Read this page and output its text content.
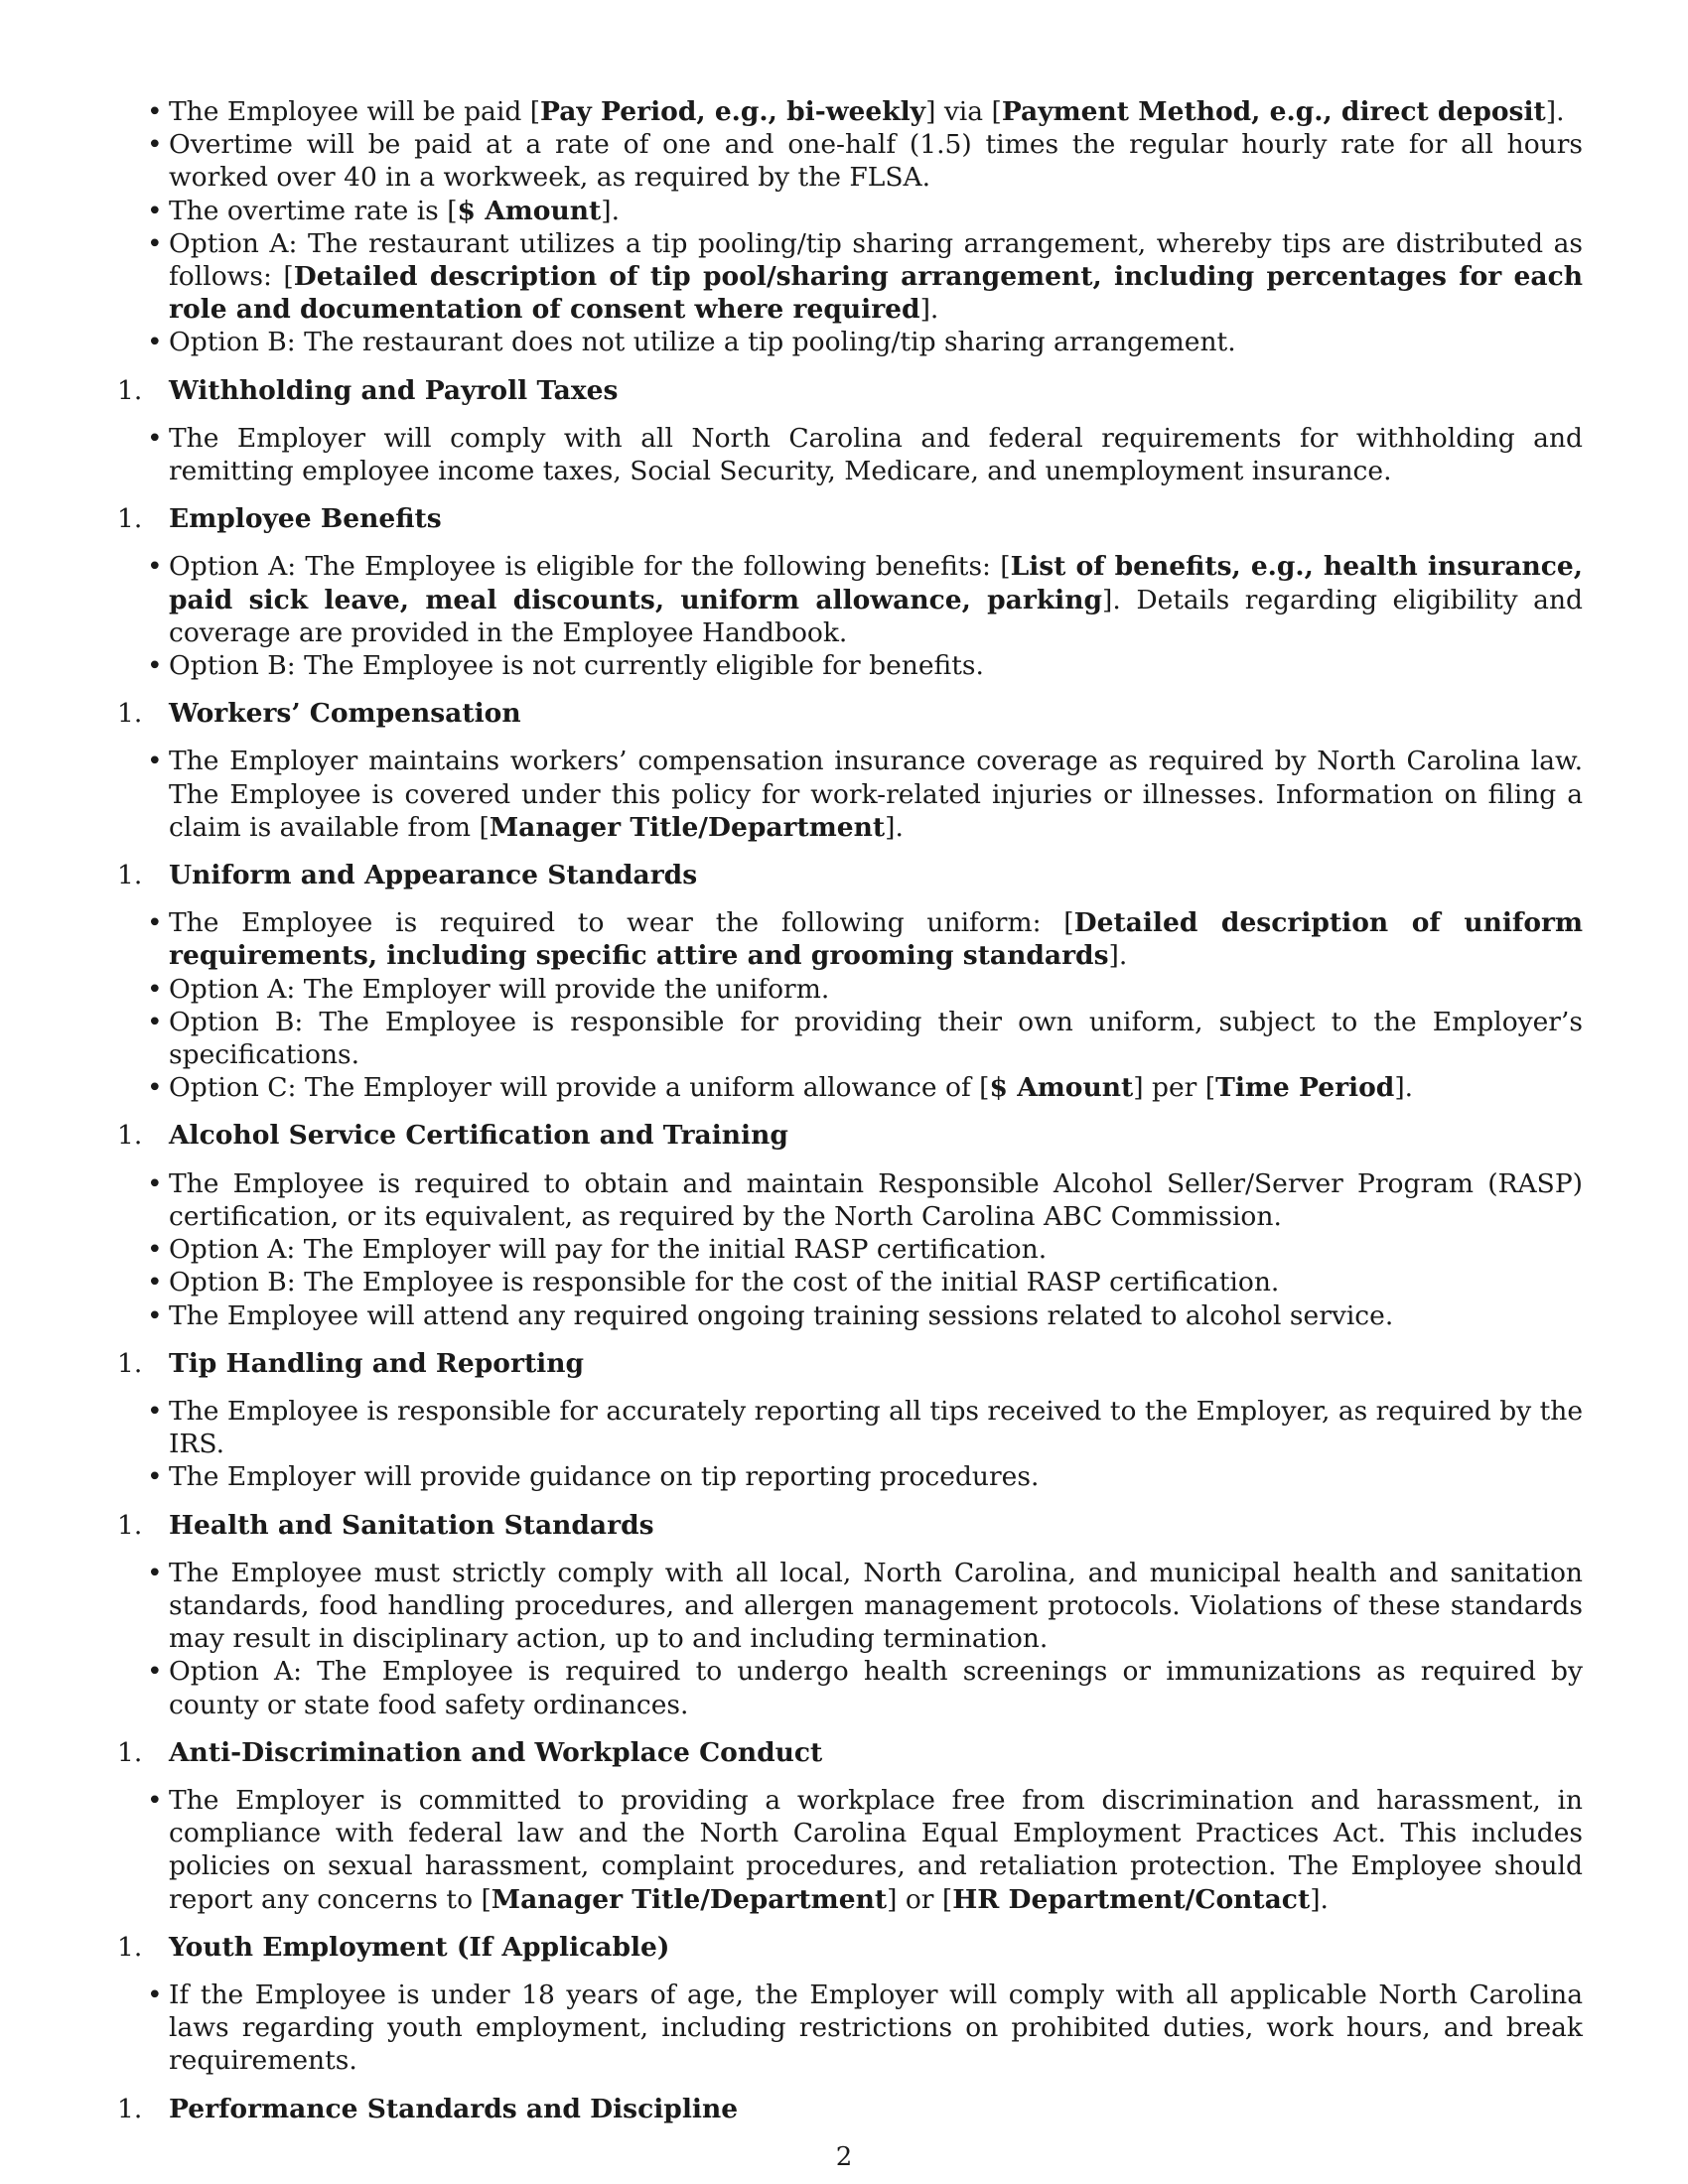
• The Employee will be paid [Pay Period, e.g., bi-weekly] via [Payment Method, e.g., direct deposit].
• Overtime will be paid at a rate of one and one-half (1.5) times the regular hourly rate for all hours worked over 40 in a workweek, as required by the FLSA.
• The overtime rate is [$ Amount].
• Option A: The restaurant utilizes a tip pooling/tip sharing arrangement, whereby tips are distributed as follows: [Detailed description of tip pool/sharing arrangement, including percentages for each role and documentation of consent where required].
• Option B: The restaurant does not utilize a tip pooling/tip sharing arrangement.
1. Withholding and Payroll Taxes
• The Employer will comply with all North Carolina and federal requirements for withholding and remitting employee income taxes, Social Security, Medicare, and unemployment insurance.
1. Employee Benefits
• Option A: The Employee is eligible for the following benefits: [List of benefits, e.g., health insurance, paid sick leave, meal discounts, uniform allowance, parking]. Details regarding eligibility and coverage are provided in the Employee Handbook.
• Option B: The Employee is not currently eligible for benefits.
1. Workers’ Compensation
• The Employer maintains workers’ compensation insurance coverage as required by North Carolina law. The Employee is covered under this policy for work-related injuries or illnesses. Information on filing a claim is available from [Manager Title/Department].
1. Uniform and Appearance Standards
• The Employee is required to wear the following uniform: [Detailed description of uniform requirements, including specific attire and grooming standards].
• Option A: The Employer will provide the uniform.
• Option B: The Employee is responsible for providing their own uniform, subject to the Employer’s specifications.
• Option C: The Employer will provide a uniform allowance of [$ Amount] per [Time Period].
1. Alcohol Service Certification and Training
• The Employee is required to obtain and maintain Responsible Alcohol Seller/Server Program (RASP) certification, or its equivalent, as required by the North Carolina ABC Commission.
• Option A: The Employer will pay for the initial RASP certification.
• Option B: The Employee is responsible for the cost of the initial RASP certification.
• The Employee will attend any required ongoing training sessions related to alcohol service.
1. Tip Handling and Reporting
• The Employee is responsible for accurately reporting all tips received to the Employer, as required by the IRS.
• The Employer will provide guidance on tip reporting procedures.
1. Health and Sanitation Standards
• The Employee must strictly comply with all local, North Carolina, and municipal health and sanitation standards, food handling procedures, and allergen management protocols. Violations of these standards may result in disciplinary action, up to and including termination.
• Option A: The Employee is required to undergo health screenings or immunizations as required by county or state food safety ordinances.
1. Anti-Discrimination and Workplace Conduct
• The Employer is committed to providing a workplace free from discrimination and harassment, in compliance with federal law and the North Carolina Equal Employment Practices Act. This includes policies on sexual harassment, complaint procedures, and retaliation protection. The Employee should report any concerns to [Manager Title/Department] or [HR Department/Contact].
1. Youth Employment (If Applicable)
• If the Employee is under 18 years of age, the Employer will comply with all applicable North Carolina laws regarding youth employment, including restrictions on prohibited duties, work hours, and break requirements.
1. Performance Standards and Discipline
2
